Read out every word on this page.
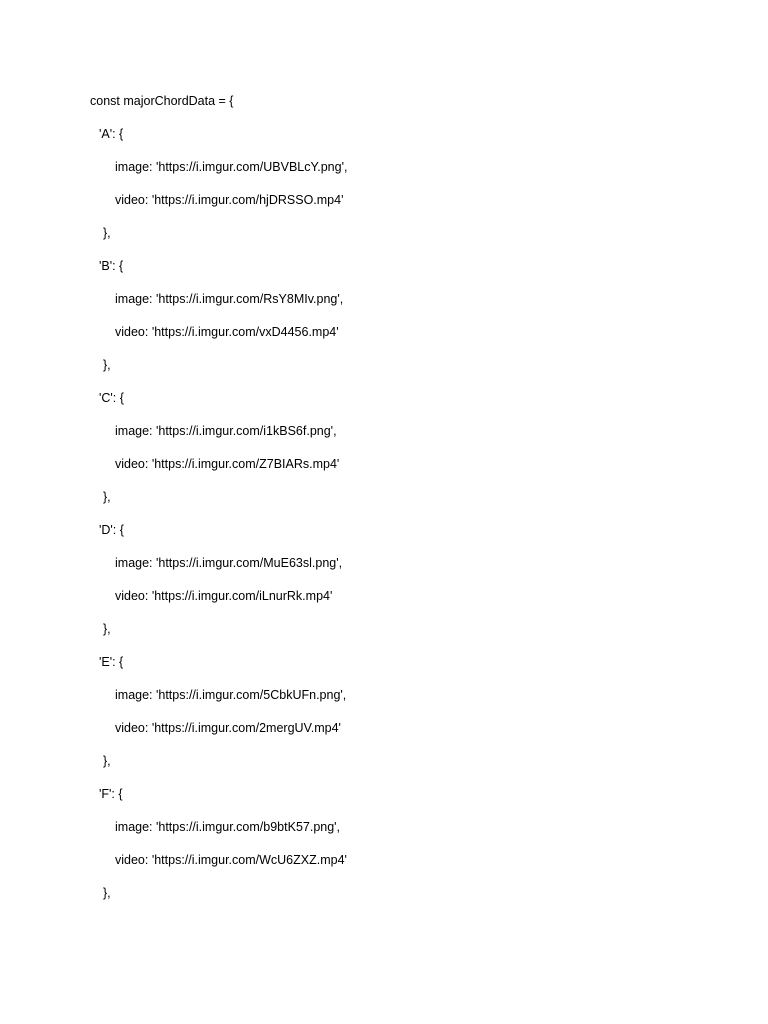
const majorChordData = {
'A': {
image: 'https://i.imgur.com/UBVBLcY.png',
video: 'https://i.imgur.com/hjDRSSO.mp4'
},
'B': {
image: 'https://i.imgur.com/RsY8MIv.png',
video: 'https://i.imgur.com/vxD4456.mp4'
},
'C': {
image: 'https://i.imgur.com/i1kBS6f.png',
video: 'https://i.imgur.com/Z7BIARs.mp4'
},
'D': {
image: 'https://i.imgur.com/MuE63sl.png',
video: 'https://i.imgur.com/iLnurRk.mp4'
},
'E': {
image: 'https://i.imgur.com/5CbkUFn.png',
video: 'https://i.imgur.com/2mergUV.mp4'
},
'F': {
image: 'https://i.imgur.com/b9btK57.png',
video: 'https://i.imgur.com/WcU6ZXZ.mp4'
},
